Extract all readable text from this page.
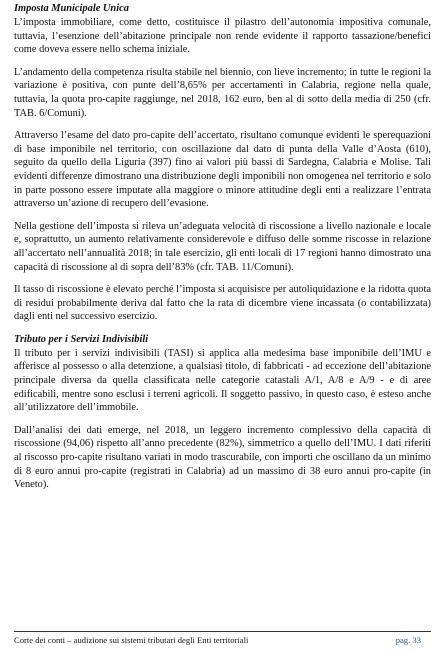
Imposta Municipale Unica

L’imposta immobiliare, come detto, costituisce il pilastro dell’autonomia impositiva comunale, tuttavia, l’esenzione dell’abitazione principale non rende evidente il rapporto tassazione/benefici come doveva essere nello schema iniziale.

L’andamento della competenza risulta stabile nel biennio, con lieve incremento; in tutte le regioni la variazione è positiva, con punte dell’8,65% per accertamenti in Calabria, regione nella quale, tuttavia, la quota pro-capite raggiunge, nel 2018, 162 euro, ben al di sotto della media di 250 (cfr. TAB. 6/Comuni).

Attraverso l’esame del dato pro-capite dell’accertato, risultano comunque evidenti le sperequazioni di base imponibile nel territorio, con oscillazione dal dato di punta della Valle d’Aosta (610), seguito da quello della Liguria (397) fino ai valori più bassi di Sardegna, Calabria e Molise. Tali evidenti differenze dimostrano una distribuzione degli imponibili non omogenea nel territorio e solo in parte possono essere imputate alla maggiore o minore attitudine degli enti a realizzare l’entrata attraverso un’azione di recupero dell’evasione.

Nella gestione dell’imposta si rileva un’adeguata velocità di riscossione a livello nazionale e locale e, soprattutto, un aumento relativamente considerevole e diffuso delle somme riscosse in relazione all’accertato nell’annualità 2018; in tale esercizio, gli enti locali di 17 regioni hanno dimostrato una capacità di riscossione al di sopra dell’83% (cfr. TAB. 11/Comuni).

Il tasso di riscossione è elevato perché l’imposta si acquisisce per autoliquidazione e la ridotta quota di residui probabilmente deriva dal fatto che la rata di dicembre viene incassata (o contabilizzata) dagli enti nel successivo esercizio.

Tributo per i Servizi Indivisibili

Il tributo per i servizi indivisibili (TASI) si applica alla medesima base imponibile dell’IMU e afferisce al possesso o alla detenzione, a qualsiasi titolo, di fabbricati - ad eccezione dell’abitazione principale diversa da quella classificata nelle categorie catastali A/1, A/8 e A/9 - e di aree edificabili, mentre sono esclusi i terreni agricoli. Il soggetto passivo, in questo caso, è esteso anche all’utilizzatore dell’immobile.

Dall’analisi dei dati emerge, nel 2018, un leggero incremento complessivo della capacità di riscossione (94,06) rispetto all’anno precedente (82%), simmetrico a quello dell’IMU. I dati riferiti al riscosso pro-capite risultano variati in modo trascurabile, con importi che oscillano da un minimo di 8 euro annui pro-capite (registrati in Calabria) ad un massimo di 38 euro annui pro-capite (in Veneto).

Corte dei conti – audizione sui sistemi tributari degli Enti territoriali	pag. 33
